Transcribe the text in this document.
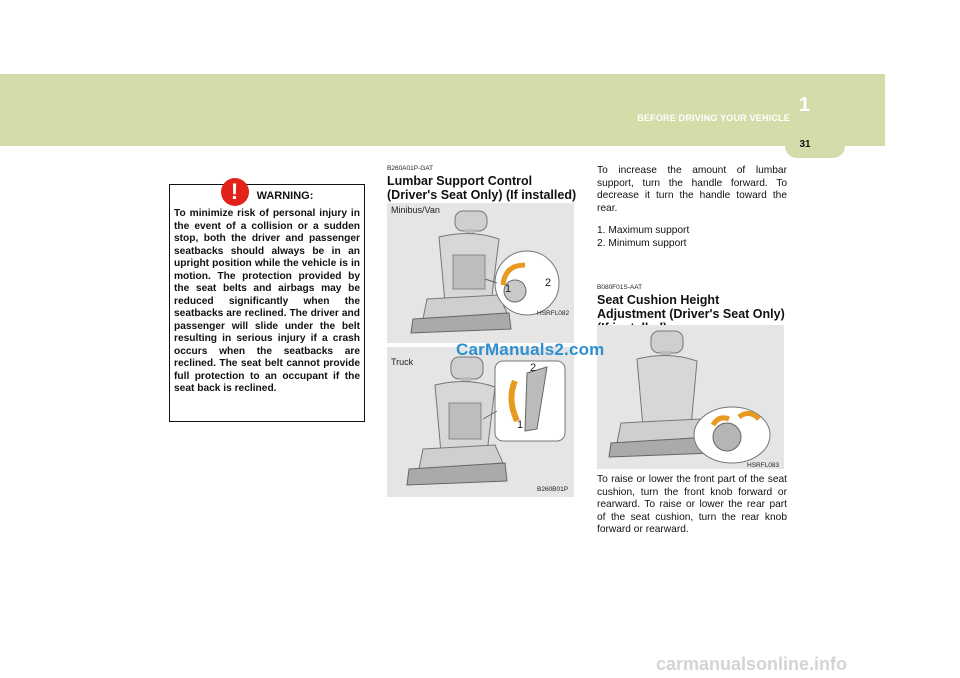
1
BEFORE DRIVING YOUR VEHICLE
31
!	WARNING:
To minimize risk of personal injury in the event of a collision or a sudden stop, both the driver and passenger seatbacks should always be in an upright position while the vehicle is in motion. The protection provided by the seat belts and airbags may be reduced significantly when the seatbacks are reclined. The driver and passenger will slide under the belt resulting in serious injury if a crash occurs when the seatbacks are reclined. The seat belt cannot provide full protection to an occupant if the seat back is reclined.
B260A01P-GAT
Lumbar Support Control (Driver's Seat Only) (If installed)
Minibus/Van
1	2
HSRFL082
Truck	2
1
B260B01P
To increase the amount of lumbar support, turn the handle forward. To decrease it turn the handle toward the rear.
1. Maximum support
2. Minimum support
B080F01S-AAT
Seat Cushion Height Adjustment (Driver's Seat Only)
HSRFL083
To raise or lower the front part of the seat cushion, turn the front knob forward or rearward. To raise or lower the rear part of the seat cushion, turn the rear knob forward or rearward.
CarManuals2.com
carmanualsonline.info
